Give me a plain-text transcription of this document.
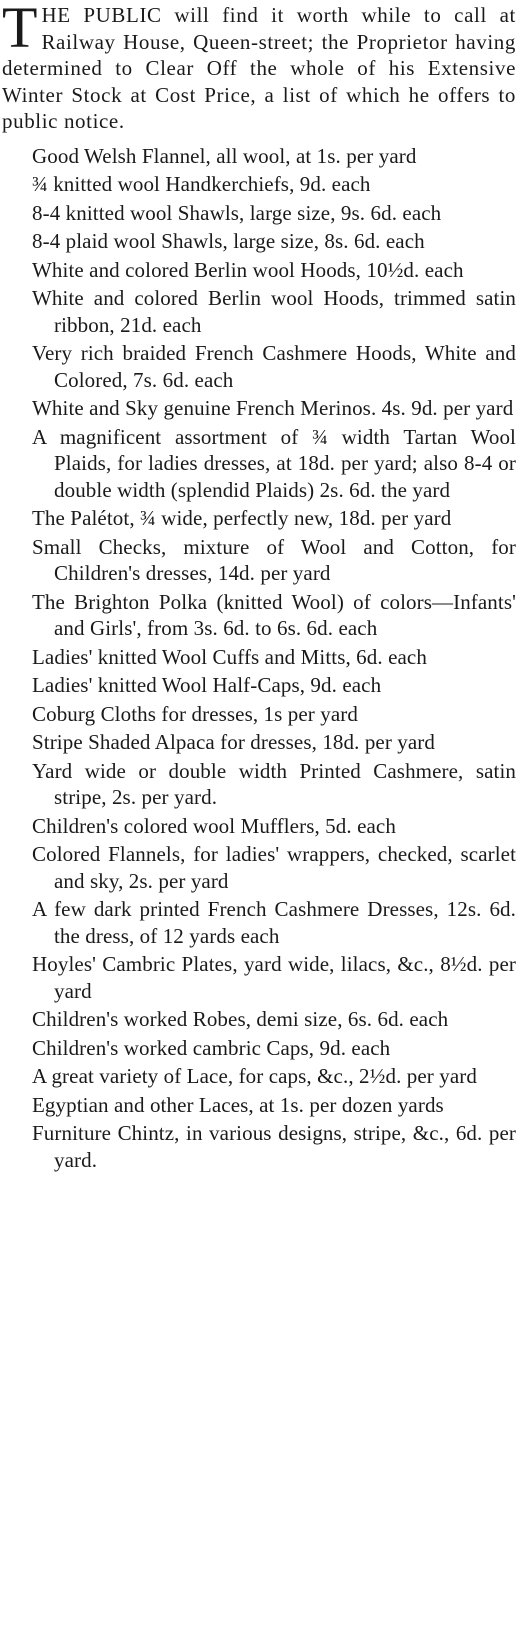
THE PUBLIC will find it worth while to call at Railway House, Queen-street; the Proprietor having determined to Clear Off the whole of his Extensive Winter Stock at Cost Price, a list of which he offers to public notice.

Good Welsh Flannel, all wool, at 1s. per yard
¾ knitted wool Handkerchiefs, 9d. each
8-4 knitted wool Shawls, large size, 9s. 6d. each
8-4 plaid wool Shawls, large size, 8s. 6d. each
White and colored Berlin wool Hoods, 10½d. each
White and colored Berlin wool Hoods, trimmed satin ribbon, 21d. each
Very rich braided French Cashmere Hoods, White and Colored, 7s. 6d. each
White and Sky genuine French Merinos. 4s. 9d. per yard
A magnificent assortment of ¾ width Tartan Wool Plaids, for ladies dresses, at 18d. per yard; also 8-4 or double width (splendid Plaids) 2s. 6d. the yard
The Palétot, ¾ wide, perfectly new, 18d. per yard
Small Checks, mixture of Wool and Cotton, for Children's dresses, 14d. per yard
The Brighton Polka (knitted Wool) of colors—Infants' and Girls', from 3s. 6d. to 6s. 6d. each
Ladies' knitted Wool Cuffs and Mitts, 6d. each
Ladies' knitted Wool Half-Caps, 9d. each
Coburg Cloths for dresses, 1s per yard
Stripe Shaded Alpaca for dresses, 18d. per yard
Yard wide or double width Printed Cashmere, satin stripe, 2s. per yard.
Children's colored wool Mufflers, 5d. each
Colored Flannels, for ladies' wrappers, checked, scarlet and sky, 2s. per yard
A few dark printed French Cashmere Dresses, 12s. 6d. the dress, of 12 yards each
Hoyles' Cambric Plates, yard wide, lilacs, &c., 8½d. per yard
Children's worked Robes, demi size, 6s. 6d. each
Children's worked cambric Caps, 9d. each
A great variety of Lace, for caps, &c., 2½d. per yard
Egyptian and other Laces, at 1s. per dozen yards
Furniture Chintz, in various designs, stripe, &c., 6d. per yard.
